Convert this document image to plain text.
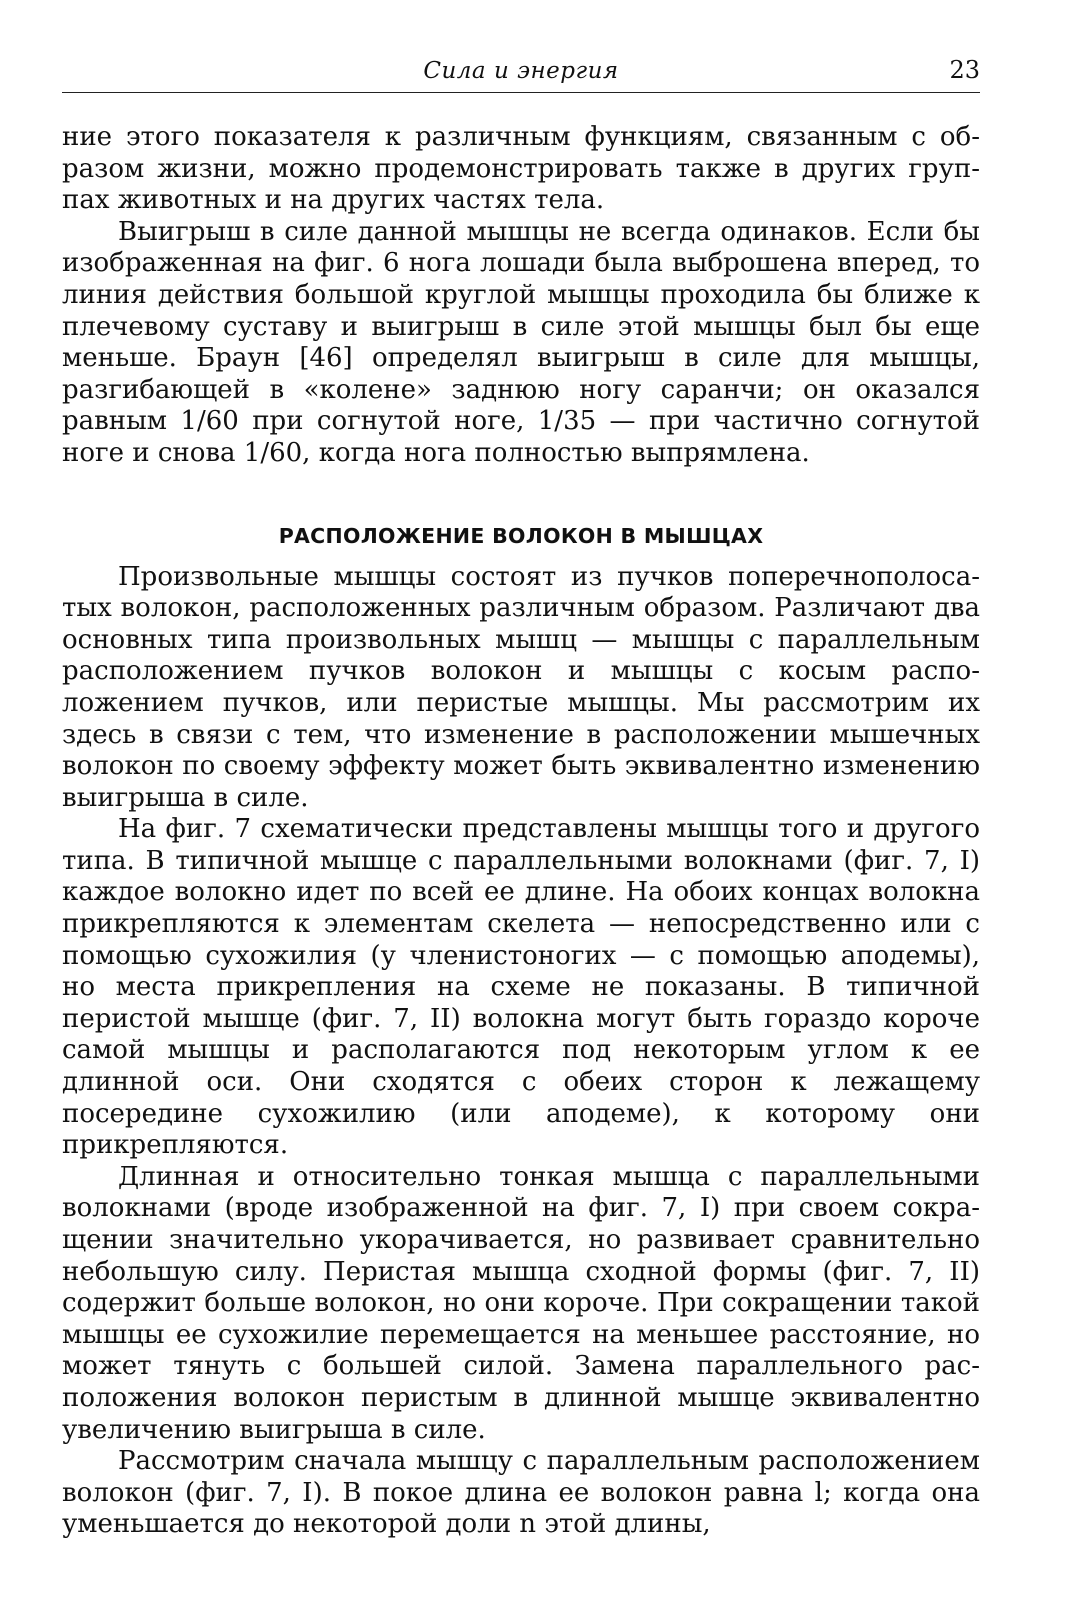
Сила и энергия	23

ние этого показателя к различным функциям, связанным с образом жизни, можно продемонстрировать также в других группах животных и на других частях тела.

Выигрыш в силе данной мышцы не всегда одинаков. Если бы изображенная на фиг. 6 нога лошади была выброшена вперед, то линия действия большой круглой мышцы проходила бы ближе к плечевому суставу и выигрыш в силе этой мышцы был бы еще меньше. Браун [46] определял выигрыш в силе для мышцы, разгибающей в «колене» заднюю ногу саранчи; он оказался равным 1/60 при согнутой ноге, 1/35 — при частично согнутой ноге и снова 1/60, когда нога полностью выпрямлена.

РАСПОЛОЖЕНИЕ ВОЛОКОН В МЫШЦАХ

Произвольные мышцы состоят из пучков поперечнополосатых волокон, расположенных различным образом. Различают два основных типа произвольных мышц — мышцы с параллельным расположением пучков волокон и мышцы с косым расположением пучков, или перистые мышцы. Мы рассмотрим их здесь в связи с тем, что изменение в расположении мышечных волокон по своему эффекту может быть эквивалентно изменению выигрыша в силе.

На фиг. 7 схематически представлены мышцы того и другого типа. В типичной мышце с параллельными волокнами (фиг. 7, I) каждое волокно идет по всей ее длине. На обоих концах волокна прикрепляются к элементам скелета — непосредственно или с помощью сухожилия (у членистоногих — с помощью аподемы), но места прикрепления на схеме не показаны. В типичной перистой мышце (фиг. 7, II) волокна могут быть гораздо короче самой мышцы и располагаются под некоторым углом к ее длинной оси. Они сходятся с обеих сторон к лежащему посередине сухожилию (или аподеме), к которому они прикрепляются.

Длинная и относительно тонкая мышца с параллельными волокнами (вроде изображенной на фиг. 7, I) при своем сокращении значительно укорачивается, но развивает сравнительно небольшую силу. Перистая мышца сходной формы (фиг. 7, II) содержит больше волокон, но они короче. При сокращении такой мышцы ее сухожилие перемещается на меньшее расстояние, но может тянуть с большей силой. Замена параллельного расположения волокон перистым в длинной мышце эквивалентно увеличению выигрыша в силе.

Рассмотрим сначала мышцу с параллельным расположением волокон (фиг. 7, I). В покое длина ее волокон равна l; когда она уменьшается до некоторой доли n этой длины,
